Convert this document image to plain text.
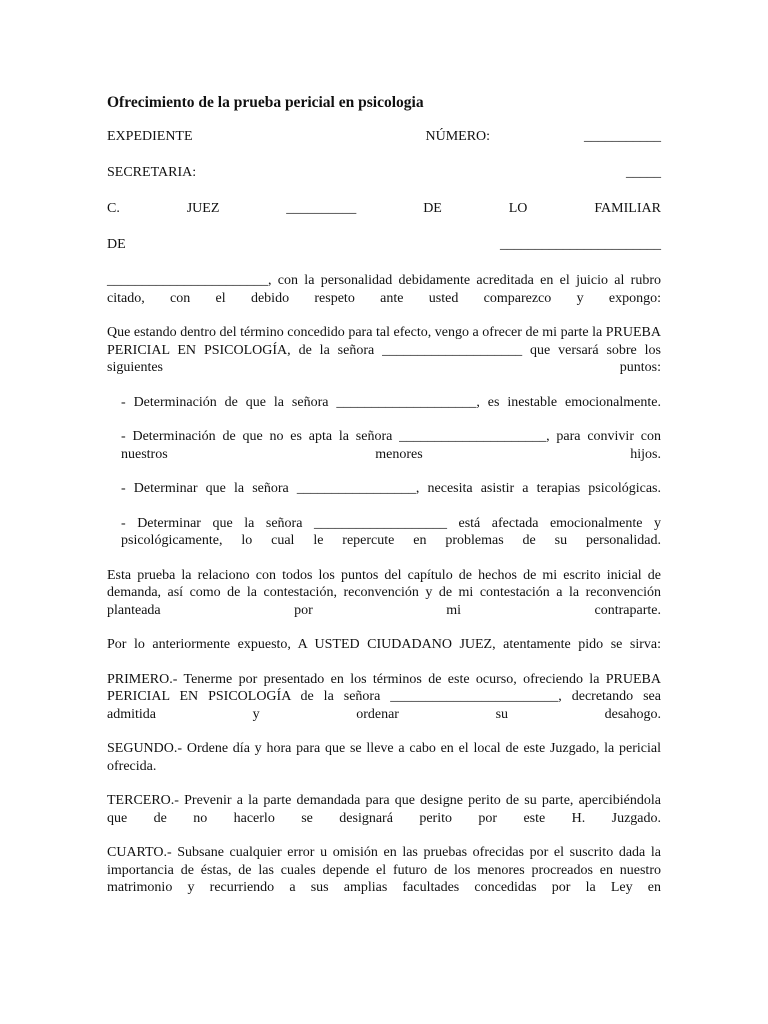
Ofrecimiento de la prueba pericial en psicologia
EXPEDIENTE	NÚMERO:	___________
SECRETARIA:	_____
C.	JUEZ	__________	DE	LO	FAMILIAR
DE	_______________________

_______________________, con la personalidad debidamente acreditada en el juicio al rubro citado, con el debido respeto ante usted comparezco y expongo:

Que estando dentro del término concedido para tal efecto, vengo a ofrecer de mi parte la PRUEBA PERICIAL EN PSICOLOGÍA, de la señora ____________________ que versará sobre los siguientes puntos:

- Determinación de que la señora ____________________, es inestable emocionalmente.

- Determinación de que no es apta la señora _____________________, para convivir con nuestros menores hijos.

- Determinar que la señora _________________, necesita asistir a terapias psicológicas.

- Determinar que la señora ___________________ está afectada emocionalmente y psicológicamente, lo cual le repercute en problemas de su personalidad.

Esta prueba la relaciono con todos los puntos del capítulo de hechos de mi escrito inicial de demanda, así como de la contestación, reconvención y de mi contestación a la reconvención planteada por mi contraparte.

Por lo anteriormente expuesto, A USTED CIUDADANO JUEZ, atentamente pido se sirva:

PRIMERO.- Tenerme por presentado en los términos de este ocurso, ofreciendo la PRUEBA PERICIAL EN PSICOLOGÍA de la señora ________________________, decretando sea admitida y ordenar su desahogo.

SEGUNDO.- Ordene día y hora para que se lleve a cabo en el local de este Juzgado, la pericial ofrecida.

TERCERO.- Prevenir a la parte demandada para que designe perito de su parte, apercibiéndola que de no hacerlo se designará perito por este H. Juzgado.

CUARTO.- Subsane cualquier error u omisión en las pruebas ofrecidas por el suscrito dada la importancia de éstas, de las cuales depende el futuro de los menores procreados en nuestro matrimonio y recurriendo a sus amplias facultades concedidas por la Ley en
